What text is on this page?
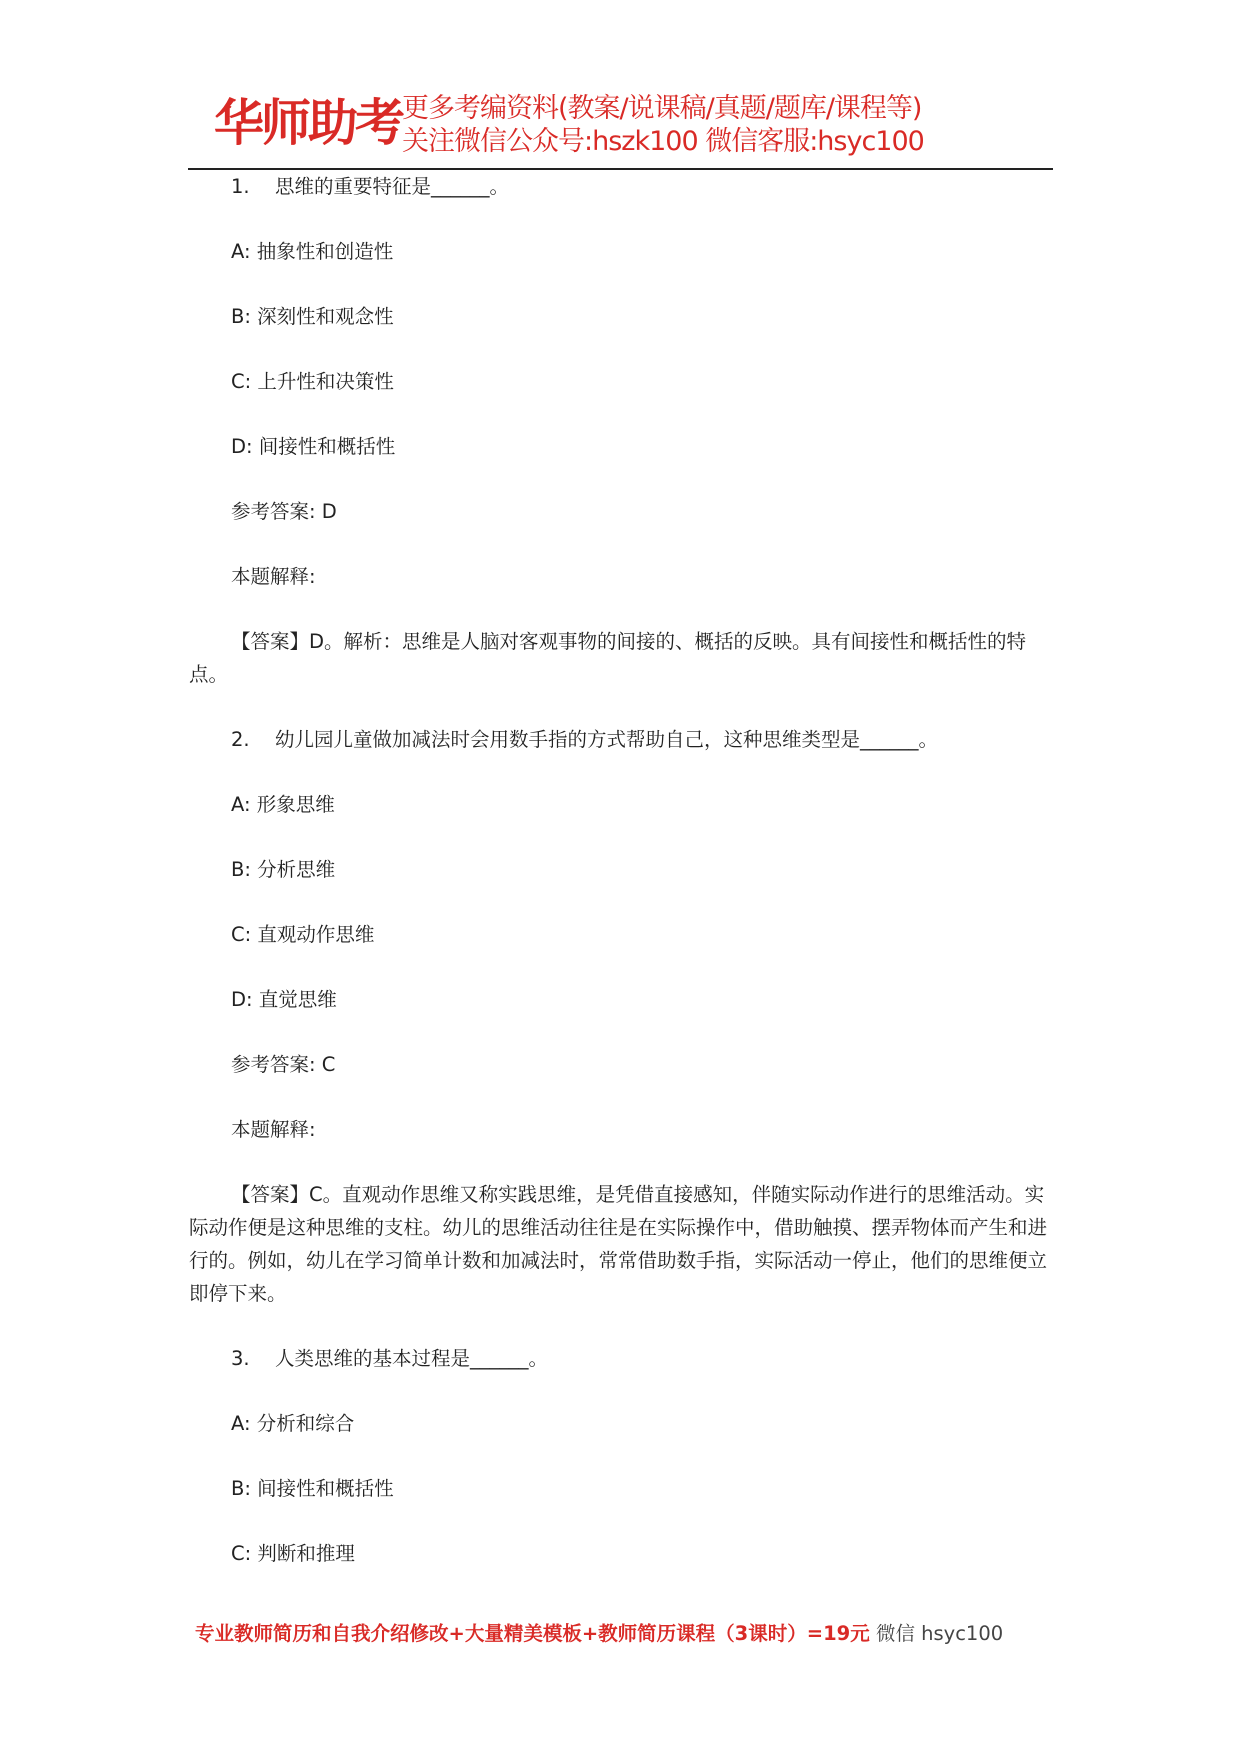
华师助考 更多考编资料(教案/说课稿/真题/题库/课程等)
关注微信公众号:hszk100 微信客服:hsyc100
1. 思维的重要特征是______。
A: 抽象性和创造性
B: 深刻性和观念性
C: 上升性和决策性
D: 间接性和概括性
参考答案: D
本题解释:
【答案】D。解析：思维是人脑对客观事物的间接的、概括的反映。具有间接性和概括性的特点。
2. 幼儿园儿童做加减法时会用数手指的方式帮助自己，这种思维类型是______。
A: 形象思维
B: 分析思维
C: 直观动作思维
D: 直觉思维
参考答案: C
本题解释:
【答案】C。直观动作思维又称实践思维，是凭借直接感知，伴随实际动作进行的思维活动。实际动作便是这种思维的支柱。幼儿的思维活动往往是在实际操作中，借助触摸、摆弄物体而产生和进行的。例如，幼儿在学习简单计数和加减法时，常常借助数手指，实际活动一停止，他们的思维便立即停下来。
3. 人类思维的基本过程是______。
A: 分析和综合
B: 间接性和概括性
C: 判断和推理
专业教师简历和自我介绍修改+大量精美模板+教师简历课程（3课时）=19元 微信 hsyc100
